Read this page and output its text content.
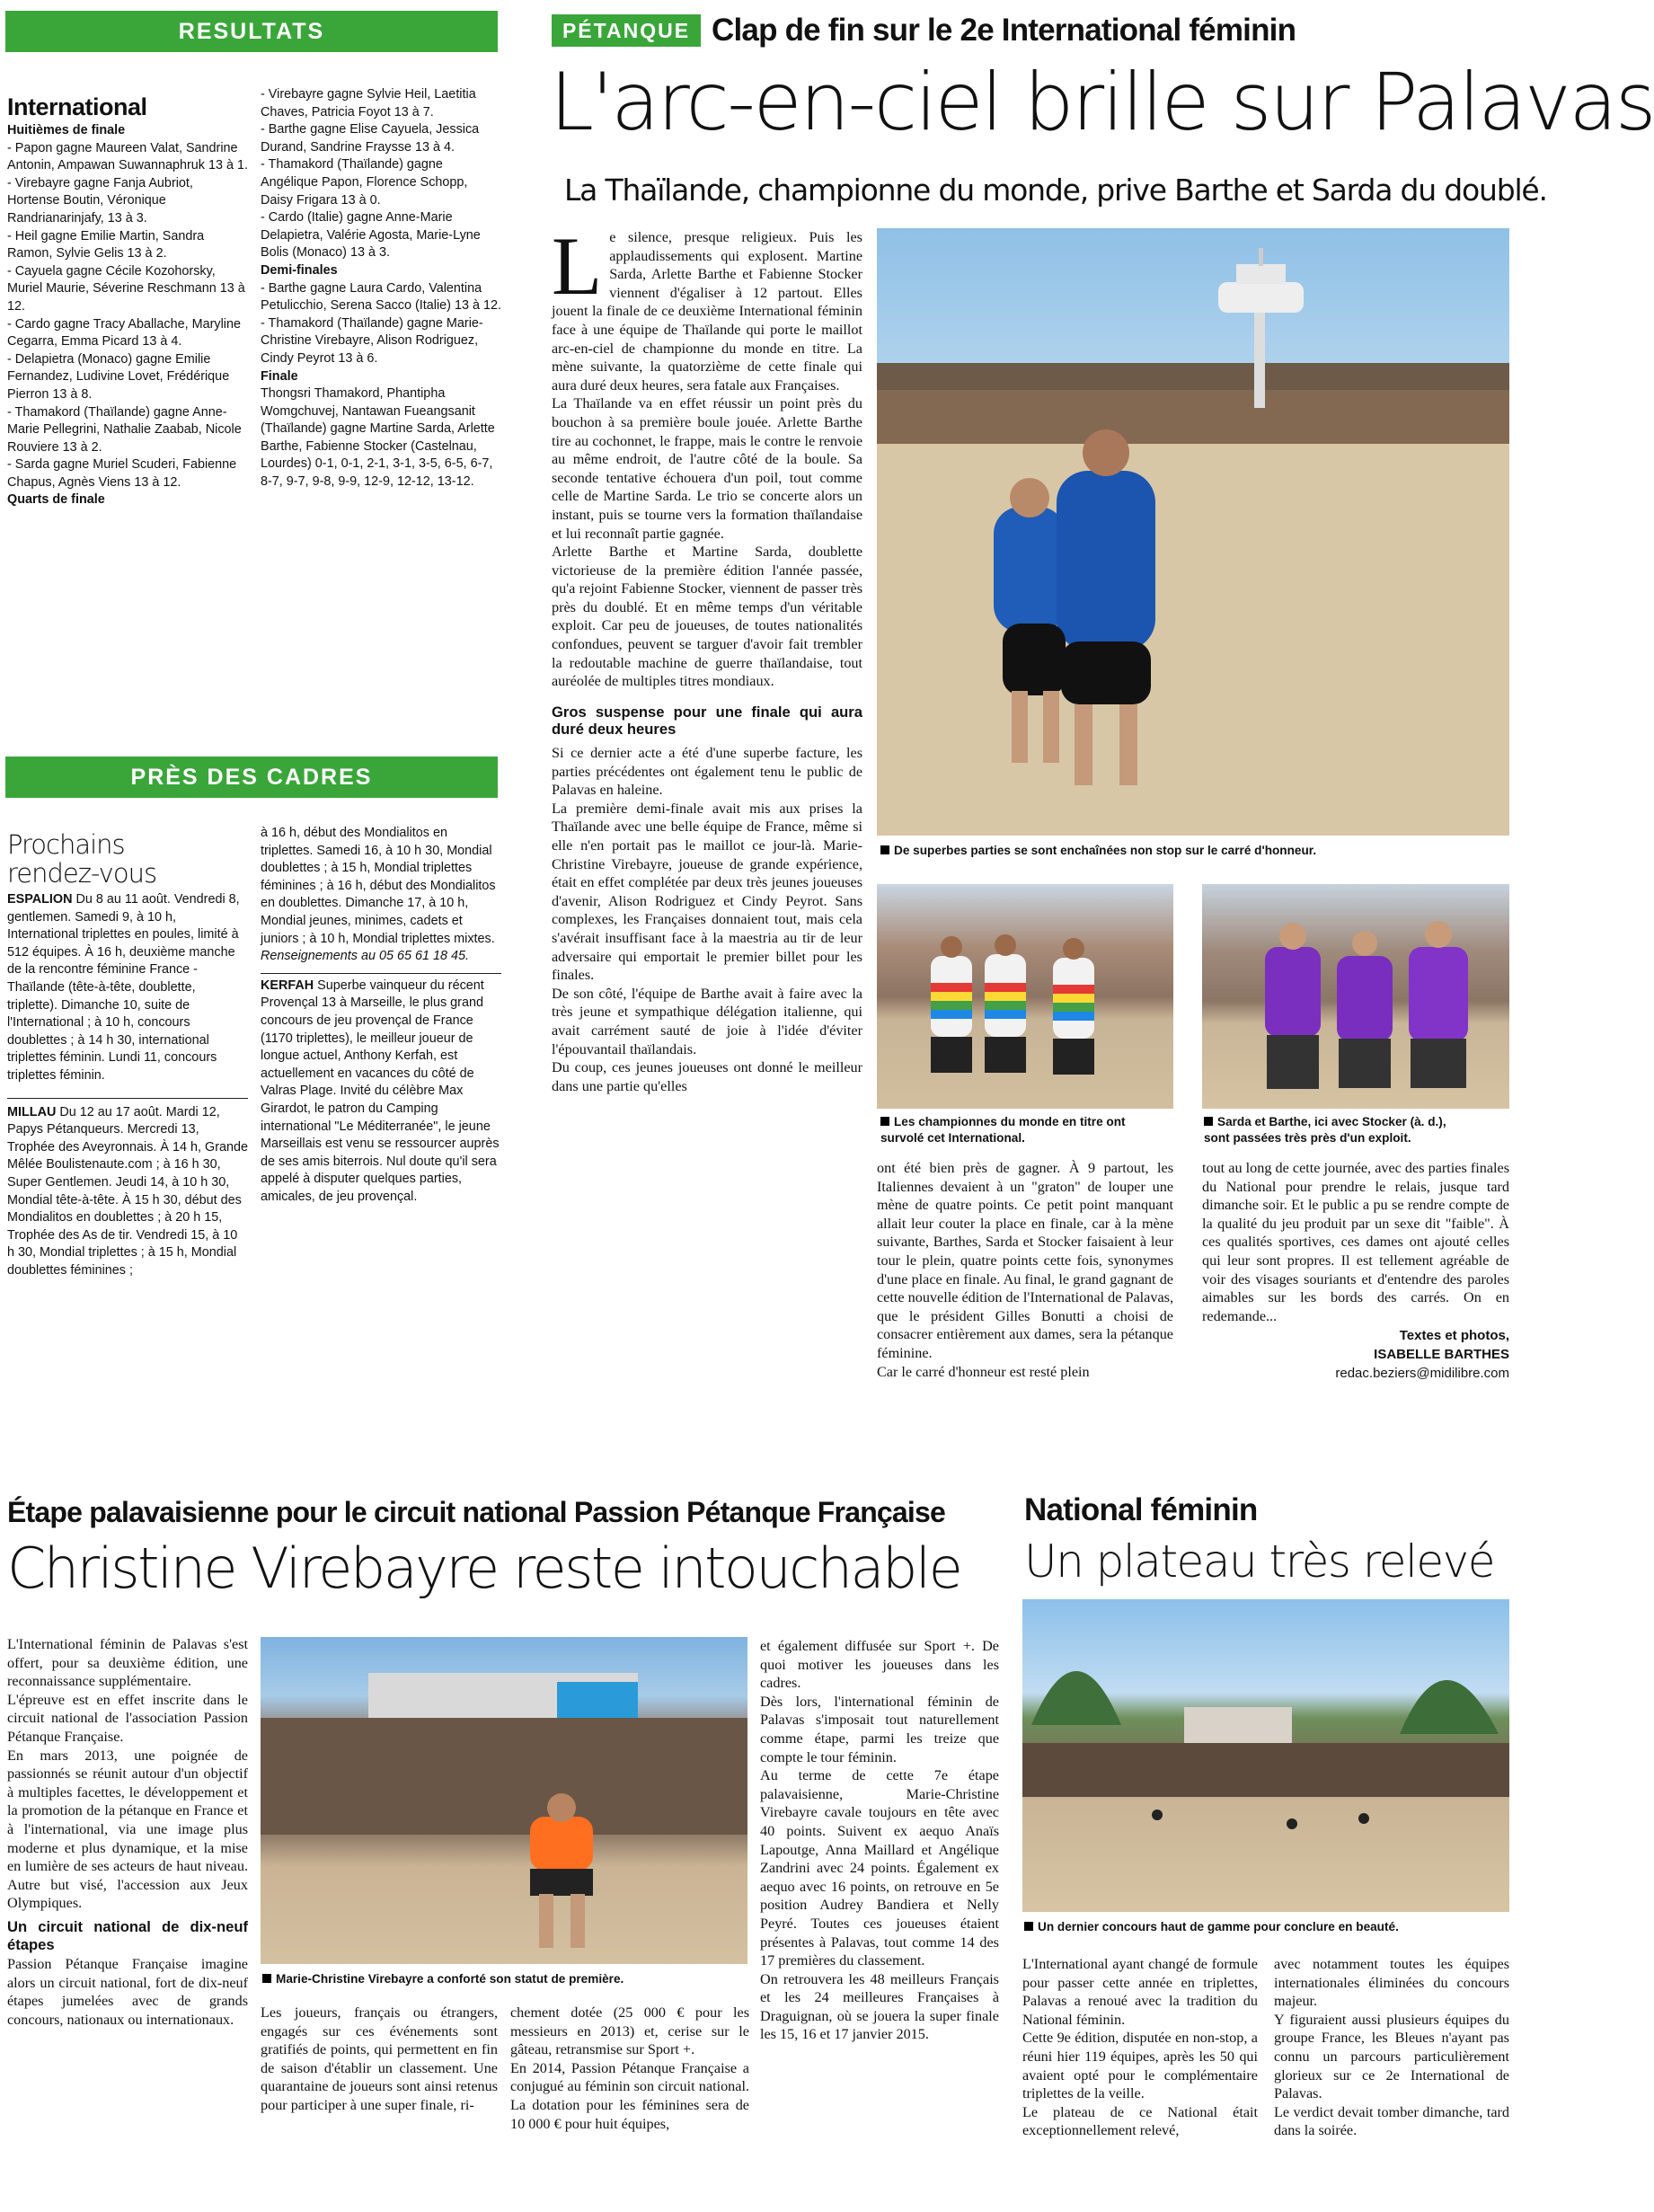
RESULTATS
International
Huitièmes de finale

- Papon gagne Maureen Valat, Sandrine Antonin, Ampawan Suwannaphruk 13 à 1.

- Virebayre gagne Fanja Aubriot, Hortense Boutin, Véronique Randrianarinjafy, 13 à 3.

- Heil gagne Emilie Martin, Sandra Ramon, Sylvie Gelis 13 à 2.

- Cayuela gagne Cécile Kozohorsky, Muriel Maurie, Séverine Reschmann 13 à 12.

- Cardo gagne Tracy Aballache, Maryline Cegarra, Emma Picard 13 à 4.

- Delapietra (Monaco) gagne Emilie Fernandez, Ludivine Lovet, Frédérique Pierron 13 à 8.

- Thamakord (Thaïlande) gagne Anne-Marie Pellegrini, Nathalie Zaabab, Nicole Rouviere 13 à 2.

- Sarda gagne Muriel Scuderi, Fabienne Chapus, Agnès Viens 13 à 12.

Quarts de finale

- Virebayre gagne Sylvie Heil, Laetitia Chaves, Patricia Foyot 13 à 7.

- Barthe gagne Elise Cayuela, Jessica Durand, Sandrine Fraysse 13 à 4.

- Thamakord (Thaïlande) gagne Angélique Papon, Florence Schopp, Daisy Frigara 13 à 0.

- Cardo (Italie) gagne Anne-Marie Delapietra, Valérie Agosta, Marie-Lyne Bolis (Monaco) 13 à 3.

Demi-finales

- Barthe gagne Laura Cardo, Valentina Petulicchio, Serena Sacco (Italie) 13 à 12.

- Thamakord (Thaïlande) gagne Marie-Christine Virebayre, Alison Rodriguez, Cindy Peyrot 13 à 6.

Finale

Thongsri Thamakord, Phantipha Womgchuvej, Nantawan Fueangsanit (Thaïlande) gagne Martine Sarda, Arlette Barthe, Fabienne Stocker (Castelnau, Lourdes) 0-1, 0-1, 2-1, 3-1, 3-5, 6-5, 6-7, 8-7, 9-7, 9-8, 9-9, 12-9, 12-12, 13-12.

PRÈS DES CADRES
Prochains rendez-vous

ESPALION Du 8 au 11 août. Vendredi 8, gentlemen. Samedi 9, à 10 h, International triplettes en poules, limité à 512 équipes. À 16 h, deuxième manche de la rencontre féminine France - Thaïlande (tête-à-tête, doublette, triplette). Dimanche 10, suite de l'International ; à 10 h, concours doublettes ; à 14 h 30, international triplettes féminin. Lundi 11, concours triplettes féminin.

MILLAU Du 12 au 17 août. Mardi 12, Papys Pétanqueurs. Mercredi 13, Trophée des Aveyronnais. À 14 h, Grande Mêlée Boulistenaute.com ; à 16 h 30, Super Gentlemen. Jeudi 14, à 10 h 30, Mondial tête-à-tête. À 15 h 30, début des Mondialitos en doublettes ; à 20 h 15, Trophée des As de tir. Vendredi 15, à 10 h 30, Mondial triplettes ; à 15 h, Mondial doublettes féminines ;

à 16 h, début des Mondialitos en triplettes. Samedi 16, à 10 h 30, Mondial doublettes ; à 15 h, Mondial triplettes féminines ; à 16 h, début des Mondialitos en doublettes. Dimanche 17, à 10 h, Mondial jeunes, minimes, cadets et juniors ; à 10 h, Mondial triplettes mixtes.

Renseignements au 05 65 61 18 45.

KERFAH Superbe vainqueur du récent Provençal 13 à Marseille, le plus grand concours de jeu provençal de France (1170 triplettes), le meilleur joueur de longue actuel, Anthony Kerfah, est actuellement en vacances du côté de Valras Plage. Invité du célèbre Max Girardot, le patron du Camping international "Le Méditerranée", le jeune Marseillais est venu se ressourcer auprès de ses amis biterrois. Nul doute qu'il sera appelé à disputer quelques parties, amicales, de jeu provençal.

PÉTANQUE Clap de fin sur le 2e International féminin
L'arc-en-ciel brille sur Palavas
La Thaïlande, championne du monde, prive Barthe et Sarda du doublé.

Le silence, presque religieux. Puis les applaudissements qui explosent. Martine Sarda, Arlette Barthe et Fabienne Stocker viennent d'égaliser à 12 partout. Elles jouent la finale de ce deuxième International féminin face à une équipe de Thaïlande qui porte le maillot arc-en-ciel de championne du monde en titre. La mène suivante, la quatorzième de cette finale qui aura duré deux heures, sera fatale aux Françaises.

La Thaïlande va en effet réussir un point près du bouchon à sa première boule jouée. Arlette Barthe tire au cochonnet, le frappe, mais le contre le renvoie au même endroit, de l'autre côté de la boule. Sa seconde tentative échouera d'un poil, tout comme celle de Martine Sarda. Le trio se concerte alors un instant, puis se tourne vers la formation thaïlandaise et lui reconnaît partie gagnée.

Arlette Barthe et Martine Sarda, doublette victorieuse de la première édition l'année passée, qu'a rejoint Fabienne Stocker, viennent de passer très près du doublé. Et en même temps d'un véritable exploit. Car peu de joueuses, de toutes nationalités confondues, peuvent se targuer d'avoir fait trembler la redoutable machine de guerre thaïlandaise, tout auréolée de multiples titres mondiaux.

Gros suspense pour une finale qui aura duré deux heures

Si ce dernier acte a été d'une superbe facture, les parties précédentes ont également tenu le public de Palavas en haleine.

La première demi-finale avait mis aux prises la Thaïlande avec une belle équipe de France, même si elle n'en portait pas le maillot ce jour-là. Marie-Christine Virebayre, joueuse de grande expérience, était en effet complétée par deux très jeunes joueuses d'avenir, Alison Rodriguez et Cindy Peyrot. Sans complexes, les Françaises donnaient tout, mais cela s'avérait insuffisant face à la maestria au tir de leur adversaire qui emportait le premier billet pour les finales.

De son côté, l'équipe de Barthe avait à faire avec la très jeune et sympathique délégation italienne, qui avait carrément sauté de joie à l'idée d'éviter l'épouvantail thaïlandais.

Du coup, ces jeunes joueuses ont donné le meilleur dans une partie qu'elles

De superbes parties se sont enchaînées non stop sur le carré d'honneur.
Les championnes du monde en titre ont
survolé cet International.
Sarda et Barthe, ici avec Stocker (à. d.),
sont passées très près d'un exploit.

ont été bien près de gagner. À 9 partout, les Italiennes devaient à un "graton" de louper une mène de quatre points. Ce petit point manquant allait leur couter la place en finale, car à la mène suivante, Barthes, Sarda et Stocker faisaient à leur tour le plein, quatre points cette fois, synonymes d'une place en finale. Au final, le grand gagnant de cette nouvelle édition de l'International de Palavas, que le président Gilles Bonutti a choisi de consacrer entièrement aux dames, sera la pétanque féminine.

Car le carré d'honneur est resté plein

tout au long de cette journée, avec des parties finales du National pour prendre le relais, jusque tard dimanche soir. Et le public a pu se rendre compte de la qualité du jeu produit par un sexe dit "faible". À ces qualités sportives, ces dames ont ajouté celles qui leur sont propres. Il est tellement agréable de voir des visages souriants et d'entendre des paroles aimables sur les bords des carrés. On en redemande...

Textes et photos,
ISABELLE BARTHES
redac.beziers@midilibre.com
Étape palavaisienne pour le circuit national Passion Pétanque Française
Christine Virebayre reste intouchable

L'International féminin de Palavas s'est offert, pour sa deuxième édition, une reconnaissance supplémentaire.

L'épreuve est en effet inscrite dans le circuit national de l'association Passion Pétanque Française.

En mars 2013, une poignée de passionnés se réunit autour d'un objectif à multiples facettes, le développement et la promotion de la pétanque en France et à l'international, via une image plus moderne et plus dynamique, et la mise en lumière de ses acteurs de haut niveau. Autre but visé, l'accession aux Jeux Olympiques.

Un circuit national de dix-neuf étapes

Passion Pétanque Française imagine alors un circuit national, fort de dix-neuf étapes jumelées avec de grands concours, nationaux ou internationaux.

Marie-Christine Virebayre a conforté son statut de première.

Les joueurs, français ou étrangers, engagés sur ces événements sont gratifiés de points, qui permettent en fin de saison d'établir un classement. Une quarantaine de joueurs sont ainsi retenus pour participer à une super finale, ri-

chement dotée (25 000 € pour les messieurs en 2013) et, cerise sur le gâteau, retransmise sur Sport +.

En 2014, Passion Pétanque Française a conjugué au féminin son circuit national. La dotation pour les féminines sera de 10 000 € pour huit équipes,

et également diffusée sur Sport +. De quoi motiver les joueuses dans les cadres.

Dès lors, l'international féminin de Palavas s'imposait tout naturellement comme étape, parmi les treize que compte le tour féminin.

Au terme de cette 7e étape palavaisienne, Marie-Christine Virebayre cavale toujours en tête avec 40 points. Suivent ex aequo Anaïs Lapoutge, Anna Maillard et Angélique Zandrini avec 24 points. Également ex aequo avec 16 points, on retrouve en 5e position Audrey Bandiera et Nelly Peyré. Toutes ces joueuses étaient présentes à Palavas, tout comme 14 des 17 premières du classement.

On retrouvera les 48 meilleurs Français et les 24 meilleures Françaises à Draguignan, où se jouera la super finale les 15, 16 et 17 janvier 2015.

National féminin
Un plateau très relevé
Un dernier concours haut de gamme pour conclure en beauté.

L'International ayant changé de formule pour passer cette année en triplettes, Palavas a renoué avec la tradition du National féminin.

Cette 9e édition, disputée en non-stop, a réuni hier 119 équipes, après les 50 qui avaient opté pour le complémentaire triplettes de la veille.

Le plateau de ce National était exceptionnellement relevé,

avec notamment toutes les équipes internationales éliminées du concours majeur.

Y figuraient aussi plusieurs équipes du groupe France, les Bleues n'ayant pas connu un parcours particulièrement glorieux sur ce 2e International de Palavas.

Le verdict devait tomber dimanche, tard dans la soirée.
